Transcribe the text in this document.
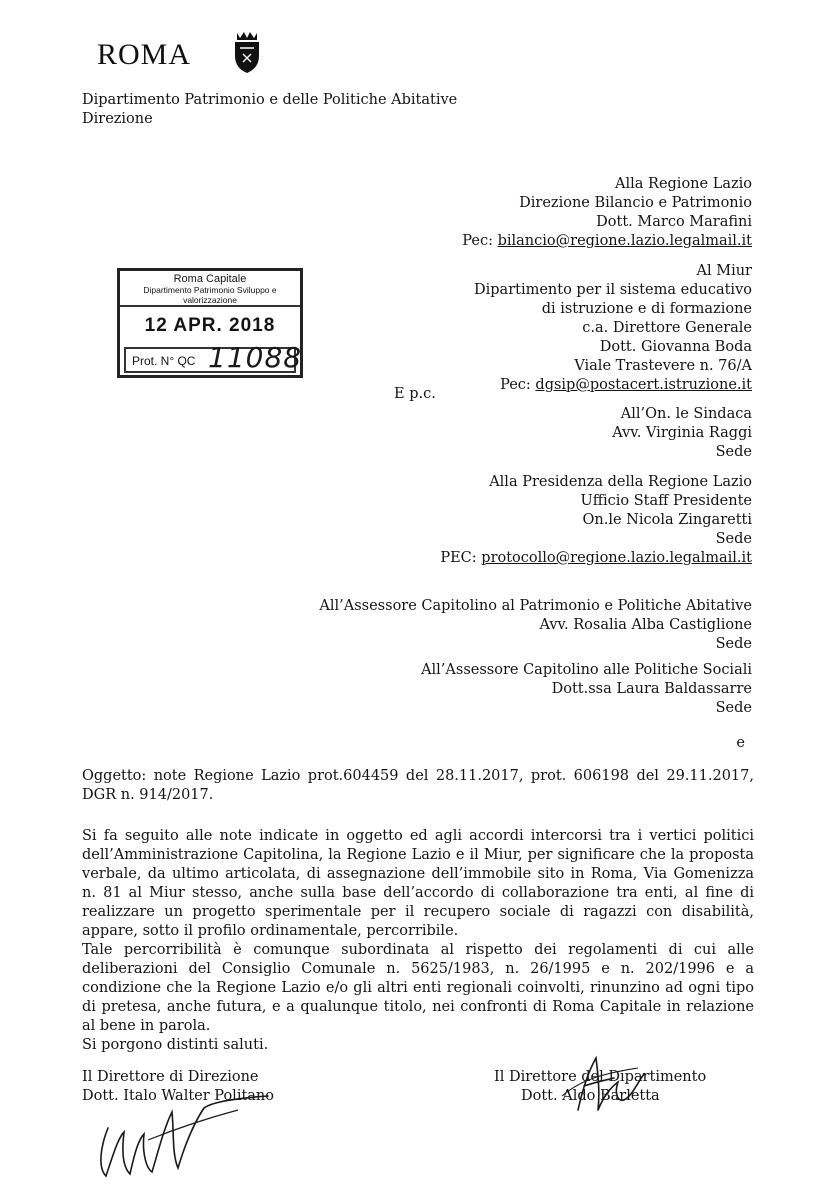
ROMA
Dipartimento Patrimonio e delle Politiche Abitative
Direzione
Alla Regione Lazio
Direzione Bilancio e Patrimonio
Dott. Marco Marafini
Pec: bilancio@regione.lazio.legalmail.it
Roma Capitale
Dipartimento Patrimonio Sviluppo e
valorizzazione
12 APR. 2018
Prot. N° QC 11088
Al Miur
Dipartimento per il sistema educativo
di istruzione e di formazione
c.a. Direttore Generale
Dott. Giovanna Boda
Viale Trastevere n. 76/A
Pec: dgsip@postacert.istruzione.it
E p.c.
All’On. le Sindaca
Avv. Virginia Raggi
Sede
Alla Presidenza della Regione Lazio
Ufficio Staff Presidente
On.le Nicola Zingaretti
Sede
PEC: protocollo@regione.lazio.legalmail.it
All’Assessore Capitolino al Patrimonio e Politiche Abitative
Avv. Rosalia Alba Castiglione
Sede
All’Assessore Capitolino alle Politiche Sociali
Dott.ssa Laura Baldassarre
Sede
e
Oggetto: note Regione Lazio prot.604459 del 28.11.2017, prot. 606198 del 29.11.2017, DGR n. 914/2017.

Si fa seguito alle note indicate in oggetto ed agli accordi intercorsi tra i vertici politici dell’Amministrazione Capitolina, la Regione Lazio e il Miur, per significare che la proposta verbale, da ultimo articolata, di assegnazione dell’immobile sito in Roma, Via Gomenizza n. 81 al Miur stesso, anche sulla base dell’accordo di collaborazione tra enti, al fine di realizzare un progetto sperimentale per il recupero sociale di ragazzi con disabilità, appare, sotto il profilo ordinamentale, percorribile.

Tale percorribilità è comunque subordinata al rispetto dei regolamenti di cui alle deliberazioni del Consiglio Comunale n. 5625/1983, n. 26/1995 e n. 202/1996 e a condizione che la Regione Lazio e/o gli altri enti regionali coinvolti, rinunzino ad ogni tipo di pretesa, anche futura, e a qualunque titolo, nei confronti di Roma Capitale in relazione al bene in parola.

Si porgono distinti saluti.

Il Direttore di Direzione
Dott. Italo Walter Politano
Il Direttore del Dipartimento
Dott. Aldo Barletta
